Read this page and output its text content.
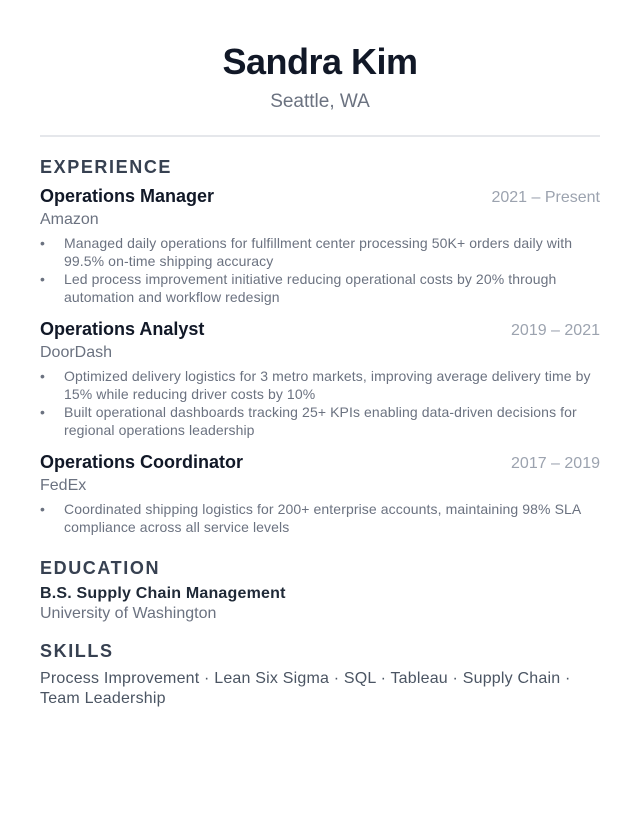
Sandra Kim
Seattle, WA
EXPERIENCE
Operations Manager	2021 – Present
Amazon
•	Managed daily operations for fulfillment center processing 50K+ orders daily with 99.5% on-time shipping accuracy
•	Led process improvement initiative reducing operational costs by 20% through automation and workflow redesign
Operations Analyst	2019 – 2021
DoorDash
•	Optimized delivery logistics for 3 metro markets, improving average delivery time by 15% while reducing driver costs by 10%
•	Built operational dashboards tracking 25+ KPIs enabling data-driven decisions for regional operations leadership
Operations Coordinator	2017 – 2019
FedEx
•	Coordinated shipping logistics for 200+ enterprise accounts, maintaining 98% SLA compliance across all service levels
EDUCATION
B.S. Supply Chain Management
University of Washington
SKILLS
Process Improvement · Lean Six Sigma · SQL · Tableau · Supply Chain · Team Leadership
